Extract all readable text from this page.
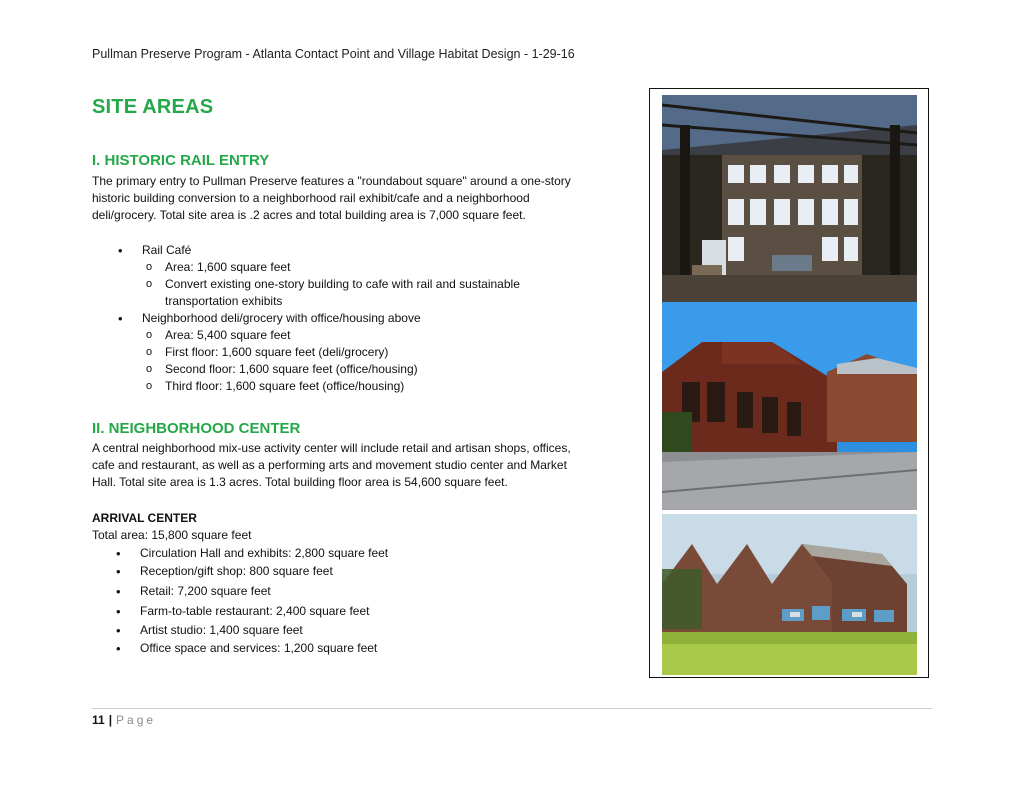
Pullman Preserve Program - Atlanta Contact Point and Village Habitat Design - 1-29-16
SITE AREAS
I. HISTORIC RAIL ENTRY
The primary entry to Pullman Preserve features a "roundabout square" around a one-story
historic building conversion to a neighborhood rail exhibit/cafe and a neighborhood
deli/grocery. Total site area is .2 acres and total building area is 7,000 square feet.
• Rail Café
o Area: 1,600 square feet
o Convert existing one-story building to cafe with rail and sustainable
transportation exhibits
• Neighborhood deli/grocery with office/housing above
o Area: 5,400 square feet
o First floor: 1,600 square feet (deli/grocery)
o Second floor: 1,600 square feet (office/housing)
o Third floor: 1,600 square feet (office/housing)
II. NEIGHBORHOOD CENTER
A central neighborhood mix-use activity center will include retail and artisan shops, offices,
cafe and restaurant, as well as a performing arts and movement studio center and Market
Hall. Total site area is 1.3 acres. Total building floor area is 54,600 square feet.
ARRIVAL CENTER
Total area: 15,800 square feet
• Circulation Hall and exhibits: 2,800 square feet
• Reception/gift shop: 800 square feet
• Retail: 7,200 square feet
• Farm-to-table restaurant: 2,400 square feet
• Artist studio: 1,400 square feet
• Office space and services: 1,200 square feet
11 | Page
